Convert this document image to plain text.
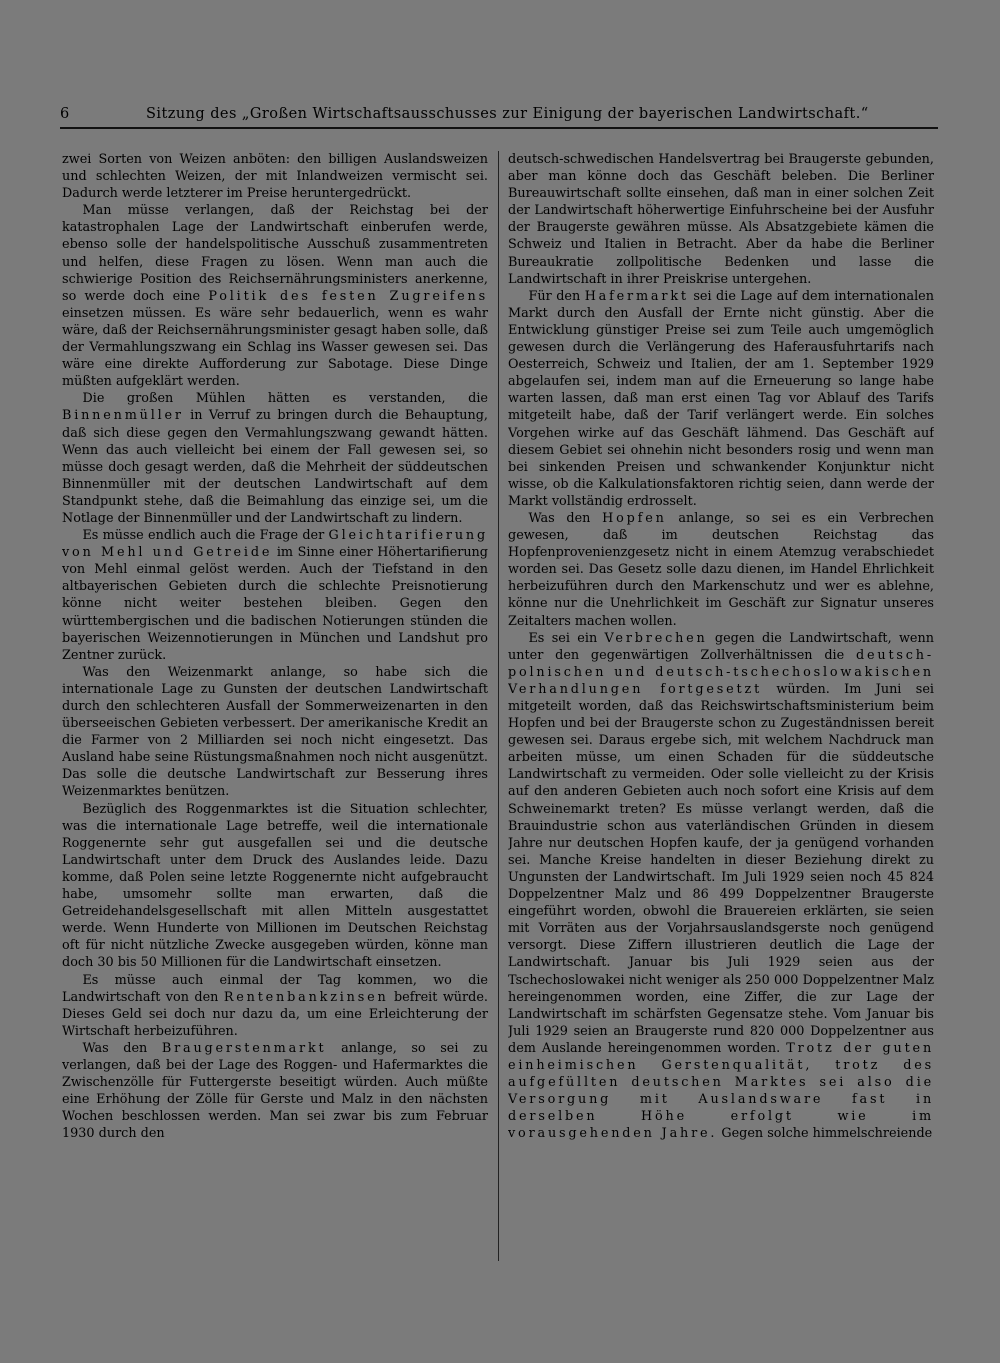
6	Sitzung des „Großen Wirtschaftsausschusses zur Einigung der bayerischen Landwirtschaft.“

zwei Sorten von Weizen anböten: den billigen Auslandsweizen und schlechten Weizen, der mit Inlandweizen vermischt sei. Dadurch werde letzterer im Preise heruntergedrückt.

Man müsse verlangen, daß der Reichstag bei der katastrophalen Lage der Landwirtschaft einberufen werde, ebenso solle der handelspolitische Ausschuß zusammentreten und helfen, diese Fragen zu lösen. Wenn man auch die schwierige Position des Reichsernährungsministers anerkenne, so werde doch eine Politik des festen Zugreifens einsetzen müssen. Es wäre sehr bedauerlich, wenn es wahr wäre, daß der Reichsernährungsminister gesagt haben solle, daß der Vermahlungszwang ein Schlag ins Wasser gewesen sei. Das wäre eine direkte Aufforderung zur Sabotage. Diese Dinge müßten aufgeklärt werden.

Die großen Mühlen hätten es verstanden, die Binnenmüller in Verruf zu bringen durch die Behauptung, daß sich diese gegen den Vermahlungszwang gewandt hätten. Wenn das auch vielleicht bei einem der Fall gewesen sei, so müsse doch gesagt werden, daß die Mehrheit der süddeutschen Binnenmüller mit der deutschen Landwirtschaft auf dem Standpunkt stehe, daß die Beimahlung das einzige sei, um die Notlage der Binnenmüller und der Landwirtschaft zu lindern.

Es müsse endlich auch die Frage der Gleichtarifierung von Mehl und Getreide im Sinne einer Höhertarifierung von Mehl einmal gelöst werden. Auch der Tiefstand in den altbayerischen Gebieten durch die schlechte Preisnotierung könne nicht weiter bestehen bleiben. Gegen den württembergischen und die badischen Notierungen stünden die bayerischen Weizennotierungen in München und Landshut pro Zentner zurück.

Was den Weizenmarkt anlange, so habe sich die internationale Lage zu Gunsten der deutschen Landwirtschaft durch den schlechteren Ausfall der Sommerweizenarten in den überseeischen Gebieten verbessert. Der amerikanische Kredit an die Farmer von 2 Milliarden sei noch nicht eingesetzt. Das Ausland habe seine Rüstungsmaßnahmen noch nicht ausgenützt. Das solle die deutsche Landwirtschaft zur Besserung ihres Weizenmarktes benützen.

Bezüglich des Roggenmarktes ist die Situation schlechter, was die internationale Lage betreffe, weil die internationale Roggenernte sehr gut ausgefallen sei und die deutsche Landwirtschaft unter dem Druck des Auslandes leide. Dazu komme, daß Polen seine letzte Roggenernte nicht aufgebraucht habe, umsomehr sollte man erwarten, daß die Getreidehandelsgesellschaft mit allen Mitteln ausgestattet werde. Wenn Hunderte von Millionen im Deutschen Reichstag oft für nicht nützliche Zwecke ausgegeben würden, könne man doch 30 bis 50 Millionen für die Landwirtschaft einsetzen.

Es müsse auch einmal der Tag kommen, wo die Landwirtschaft von den Rentenbankzinsen befreit würde. Dieses Geld sei doch nur dazu da, um eine Erleichterung der Wirtschaft herbeizuführen.

Was den Braugerstenmarkt anlange, so sei zu verlangen, daß bei der Lage des Roggen- und Hafermarktes die Zwischenzölle für Futtergerste beseitigt würden. Auch müßte eine Erhöhung der Zölle für Gerste und Malz in den nächsten Wochen beschlossen werden. Man sei zwar bis zum Februar 1930 durch den

deutsch-schwedischen Handelsvertrag bei Braugerste gebunden, aber man könne doch das Geschäft beleben. Die Berliner Bureauwirtschaft sollte einsehen, daß man in einer solchen Zeit der Landwirtschaft höherwertige Einfuhrscheine bei der Ausfuhr der Braugerste gewähren müsse. Als Absatzgebiete kämen die Schweiz und Italien in Betracht. Aber da habe die Berliner Bureaukratie zollpolitische Bedenken und lasse die Landwirtschaft in ihrer Preiskrise untergehen.

Für den Hafermarkt sei die Lage auf dem internationalen Markt durch den Ausfall der Ernte nicht günstig. Aber die Entwicklung günstiger Preise sei zum Teile auch umgemöglich gewesen durch die Verlängerung des Haferausfuhrtarifs nach Oesterreich, Schweiz und Italien, der am 1. September 1929 abgelaufen sei, indem man auf die Erneuerung so lange habe warten lassen, daß man erst einen Tag vor Ablauf des Tarifs mitgeteilt habe, daß der Tarif verlängert werde. Ein solches Vorgehen wirke auf das Geschäft lähmend. Das Geschäft auf diesem Gebiet sei ohnehin nicht besonders rosig und wenn man bei sinkenden Preisen und schwankender Konjunktur nicht wisse, ob die Kalkulationsfaktoren richtig seien, dann werde der Markt vollständig erdrosselt.

Was den Hopfen anlange, so sei es ein Verbrechen gewesen, daß im deutschen Reichstag das Hopfenprovenienzgesetz nicht in einem Atemzug verabschiedet worden sei. Das Gesetz solle dazu dienen, im Handel Ehrlichkeit herbeizuführen durch den Markenschutz und wer es ablehne, könne nur die Unehrlichkeit im Geschäft zur Signatur unseres Zeitalters machen wollen.

Es sei ein Verbrechen gegen die Landwirtschaft, wenn unter den gegenwärtigen Zollverhältnissen die deutsch-polnischen und deutsch-tschechoslowakischen Verhandlungen fortgesetzt würden. Im Juni sei mitgeteilt worden, daß das Reichswirtschaftsministerium beim Hopfen und bei der Braugerste schon zu Zugeständnissen bereit gewesen sei. Daraus ergebe sich, mit welchem Nachdruck man arbeiten müsse, um einen Schaden für die süddeutsche Landwirtschaft zu vermeiden. Oder solle vielleicht zu der Krisis auf den anderen Gebieten auch noch sofort eine Krisis auf dem Schweinemarkt treten? Es müsse verlangt werden, daß die Brauindustrie schon aus vaterländischen Gründen in diesem Jahre nur deutschen Hopfen kaufe, der ja genügend vorhanden sei. Manche Kreise handelten in dieser Beziehung direkt zu Ungunsten der Landwirtschaft. Im Juli 1929 seien noch 45 824 Doppelzentner Malz und 86 499 Doppelzentner Braugerste eingeführt worden, obwohl die Brauereien erklärten, sie seien mit Vorräten aus der Vorjahrsauslandsgerste noch genügend versorgt. Diese Ziffern illustrieren deutlich die Lage der Landwirtschaft. Januar bis Juli 1929 seien aus der Tschechoslowakei nicht weniger als 250 000 Doppelzentner Malz hereingenommen worden, eine Ziffer, die zur Lage der Landwirtschaft im schärfsten Gegensatze stehe. Vom Januar bis Juli 1929 seien an Braugerste rund 820 000 Doppelzentner aus dem Auslande hereingenommen worden. Trotz der guten einheimischen Gerstenqualität, trotz des aufgefüllten deutschen Marktes sei also die Versorgung mit Auslandsware fast in derselben Höhe erfolgt wie im vorausgehenden Jahre. Gegen solche himmelschreiende
